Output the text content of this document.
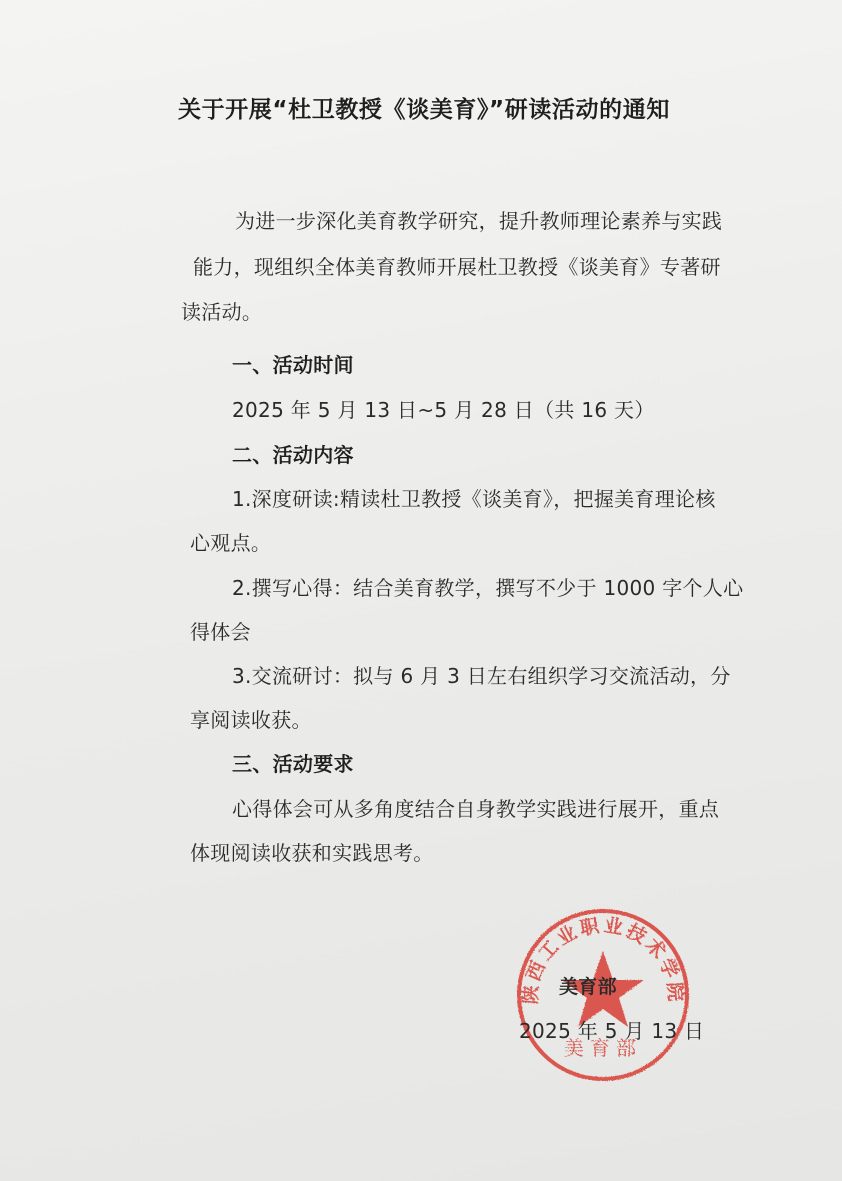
关于开展“杜卫教授《谈美育》”研读活动的通知
为进一步深化美育教学研究，提升教师理论素养与实践
能力，现组织全体美育教师开展杜卫教授《谈美育》专著研
读活动。
一、活动时间
2025 年 5 月 13 日~5 月 28 日（共 16 天）
二、活动内容
1.深度研读:精读杜卫教授《谈美育》，把握美育理论核
心观点。
2.撰写心得：结合美育教学，撰写不少于 1000 字个人心
得体会
3.交流研讨：拟与 6 月 3 日左右组织学习交流活动，分
享阅读收获。
三、活动要求
心得体会可从多角度结合自身教学实践进行展开，重点
体现阅读收获和实践思考。
陕西工业职业技术学院
美育部
美育部
2025 年 5 月 13 日
